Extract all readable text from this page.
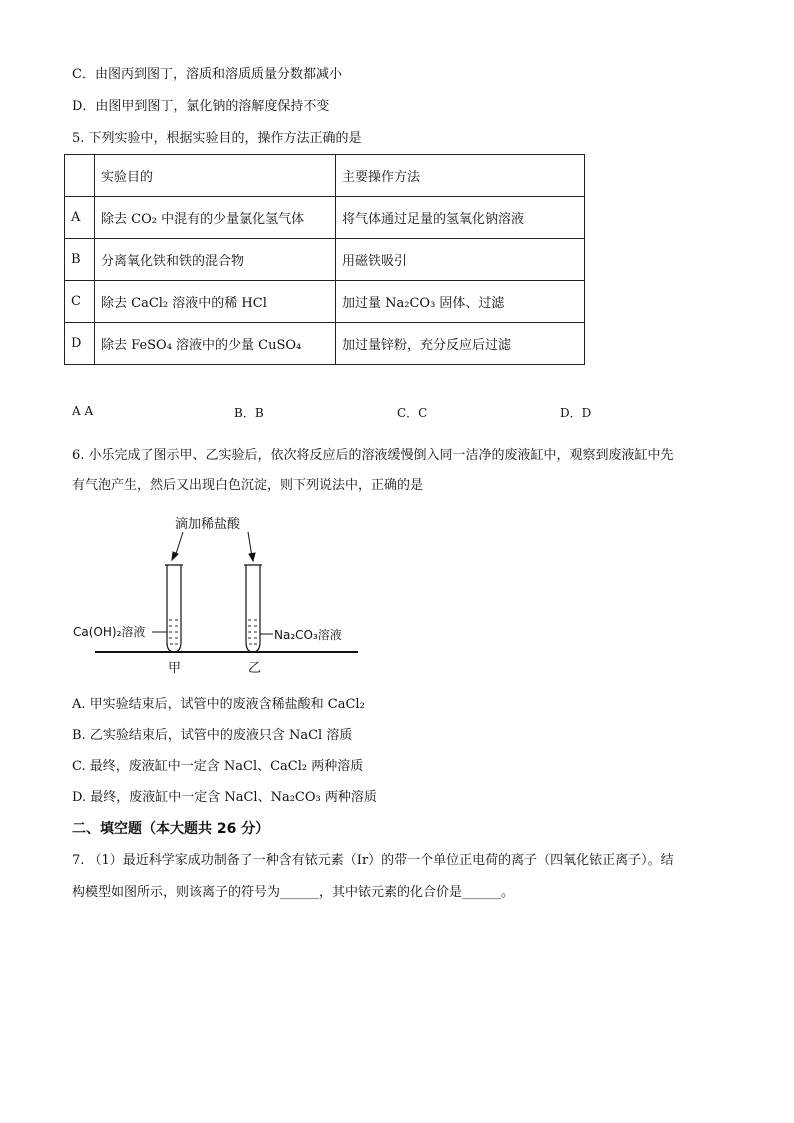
C．由图丙到图丁，溶质和溶质质量分数都减小
D．由图甲到图丁，氯化钠的溶解度保持不变
5. 下列实验中，根据实验目的，操作方法正确的是
	实验目的	主要操作方法
A	除去 CO₂ 中混有的少量氯化氢气体	将气体通过足量的氢氧化钠溶液
B	分离氧化铁和铁的混合物	用磁铁吸引
C	除去 CaCl₂ 溶液中的稀 HCl	加过量 Na₂CO₃ 固体、过滤
D	除去 FeSO₄ 溶液中的少量 CuSO₄	加过量锌粉，充分反应后过滤
A A	B．B	C．C	D．D
6. 小乐完成了图示甲、乙实验后，依次将反应后的溶液缓慢倒入同一洁净的废液缸中，观察到废液缸中先
有气泡产生，然后又出现白色沉淀，则下列说法中，正确的是
滴加稀盐酸
Ca(OH)₂溶液	Na₂CO₃溶液
甲	乙
A. 甲实验结束后，试管中的废液含稀盐酸和 CaCl₂
B. 乙实验结束后，试管中的废液只含 NaCl 溶质
C. 最终，废液缸中一定含 NaCl、CaCl₂ 两种溶质
D. 最终，废液缸中一定含 NaCl、Na₂CO₃ 两种溶质
二、填空题（本大题共 26 分）
7. （1）最近科学家成功制备了一种含有铱元素（Ir）的带一个单位正电荷的离子（四氧化铱正离子）。结
构模型如图所示，则该离子的符号为______，其中铱元素的化合价是______。
